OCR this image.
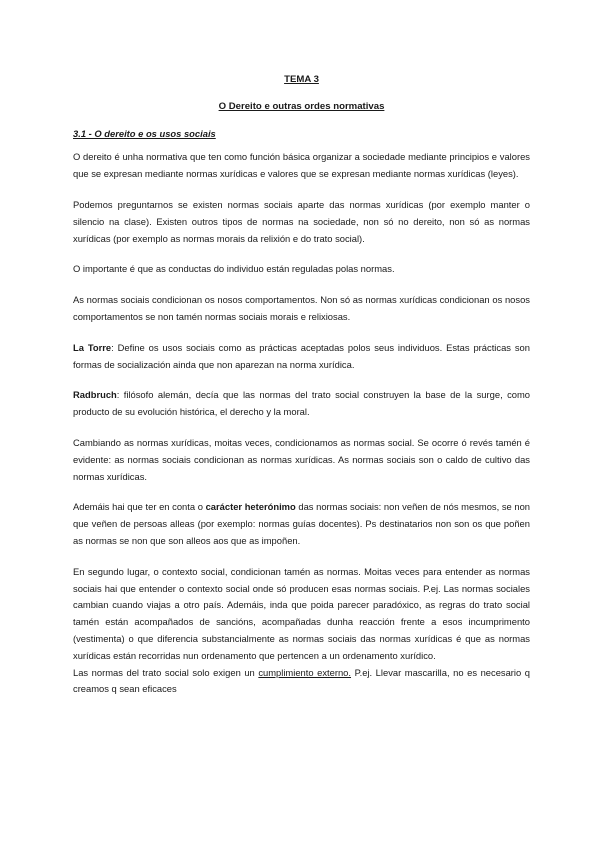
TEMA 3
O Dereito e outras ordes normativas
3.1 - O dereito e os usos sociais

O dereito é unha normativa que ten como función básica organizar a sociedade mediante principios e valores que se expresan mediante normas xurídicas e valores que se expresan mediante normas xurídicas (leyes).

Podemos preguntarnos se existen normas sociais aparte das normas xurídicas (por exemplo manter o silencio na clase). Existen outros tipos de normas na sociedade, non só no dereito, non só as normas xurídicas (por exemplo as normas morais da relixión e do trato social).

O importante é que as conductas do individuo están reguladas polas normas.

As normas sociais condicionan os nosos comportamentos. Non só as normas xurídicas condicionan os nosos comportamentos se non tamén normas sociais morais e relixiosas.

La Torre: Define os usos sociais como as prácticas aceptadas polos seus individuos. Estas prácticas son formas de socialización ainda que non aparezan na norma xurídica.

Radbruch: filósofo alemán, decía que las normas del trato social construyen la base de la surge, como producto de su evolución histórica, el derecho y la moral.

Cambiando as normas xurídicas, moitas veces, condicionamos as normas social. Se ocorre ó revés tamén é evidente: as normas sociais condicionan as normas xurídicas. As normas sociais son o caldo de cultivo das normas xurídicas.

Ademáis hai que ter en conta o carácter heterónimo das normas sociais: non veñen de nós mesmos, se non que veñen de persoas alleas (por exemplo: normas guías docentes). Ps destinatarios non son os que poñen as normas se non que son alleos aos que as impoñen.

En segundo lugar, o contexto social, condicionan tamén as normas. Moitas veces para entender as normas sociais hai que entender o contexto social onde só producen esas normas sociais. P.ej. Las normas sociales cambian cuando viajas a otro país. Ademáis, inda que poida parecer paradóxico, as regras do trato social tamén están acompañados de sancións, acompañadas dunha reacción frente a esos incumprimento (vestimenta) o que diferencia substancialmente as normas sociais das normas xurídicas é que as normas xurídicas están recorridas nun ordenamento que pertencen a un ordenamento xurídico.

Las normas del trato social solo exigen un cumplimiento externo. P.ej. Llevar mascarilla, no es necesario q creamos q sean eficaces
